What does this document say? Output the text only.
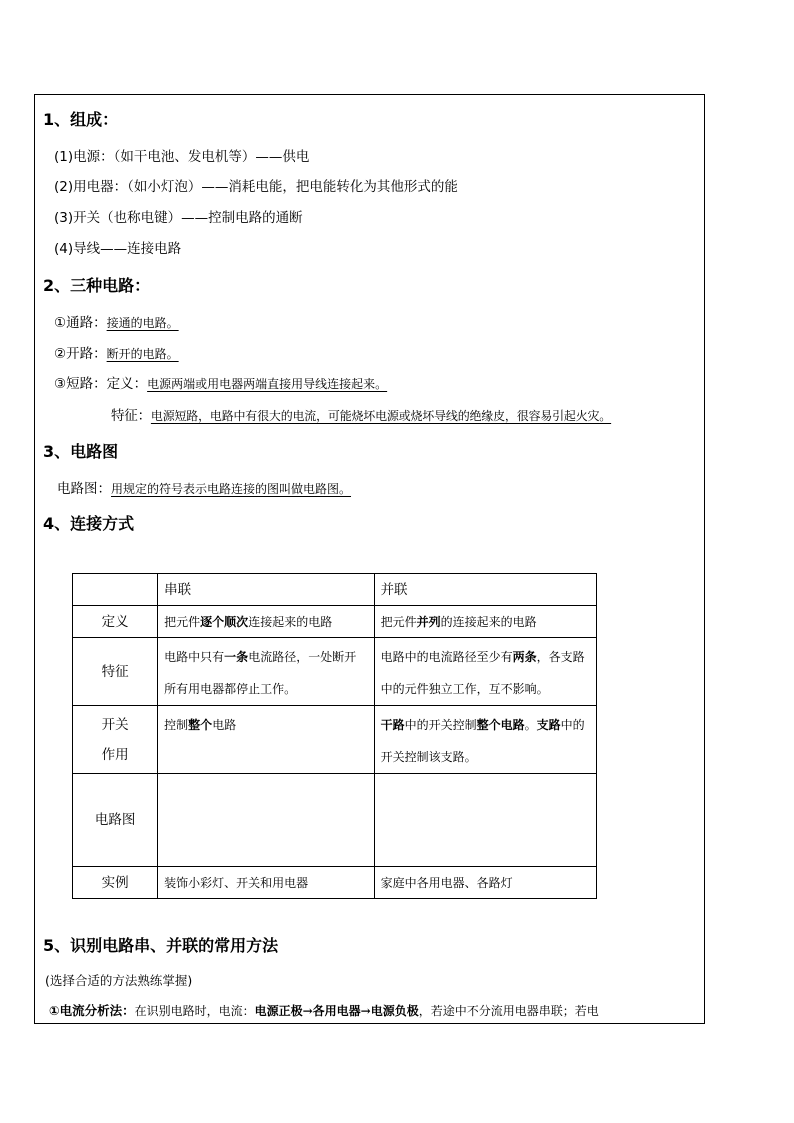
1、组成：
(1)电源：（如干电池、发电机等）——供电
(2)用电器：（如小灯泡）——消耗电能，把电能转化为其他形式的能
(3)开关（也称电键）——控制电路的通断
(4)导线——连接电路
2、三种电路：
①通路：接通的电路。
②开路：断开的电路。
③短路：定义：电源两端或用电器两端直接用导线连接起来。
特征：电源短路，电路中有很大的电流，可能烧坏电源或烧坏导线的绝缘皮，很容易引起火灾。
3、电路图
电路图：用规定的符号表示电路连接的图叫做电路图。
4、连接方式
	串联	并联
定义	把元件逐个顺次连接起来的电路	把元件并列的连接起来的电路
特征	电路中只有一条电流路径，一处断开所有用电器都停止工作。	电路中的电流路径至少有两条，各支路中的元件独立工作，互不影响。
开关
作用	控制整个电路	干路中的开关控制整个电路。支路中的开关控制该支路。
电路图		
实例	装饰小彩灯、开关和用电器	家庭中各用电器、各路灯
5、识别电路串、并联的常用方法
(选择合适的方法熟练掌握)
①电流分析法：在识别电路时，电流：电源正极→各用电器→电源负极，若途中不分流用电器串联；若电
